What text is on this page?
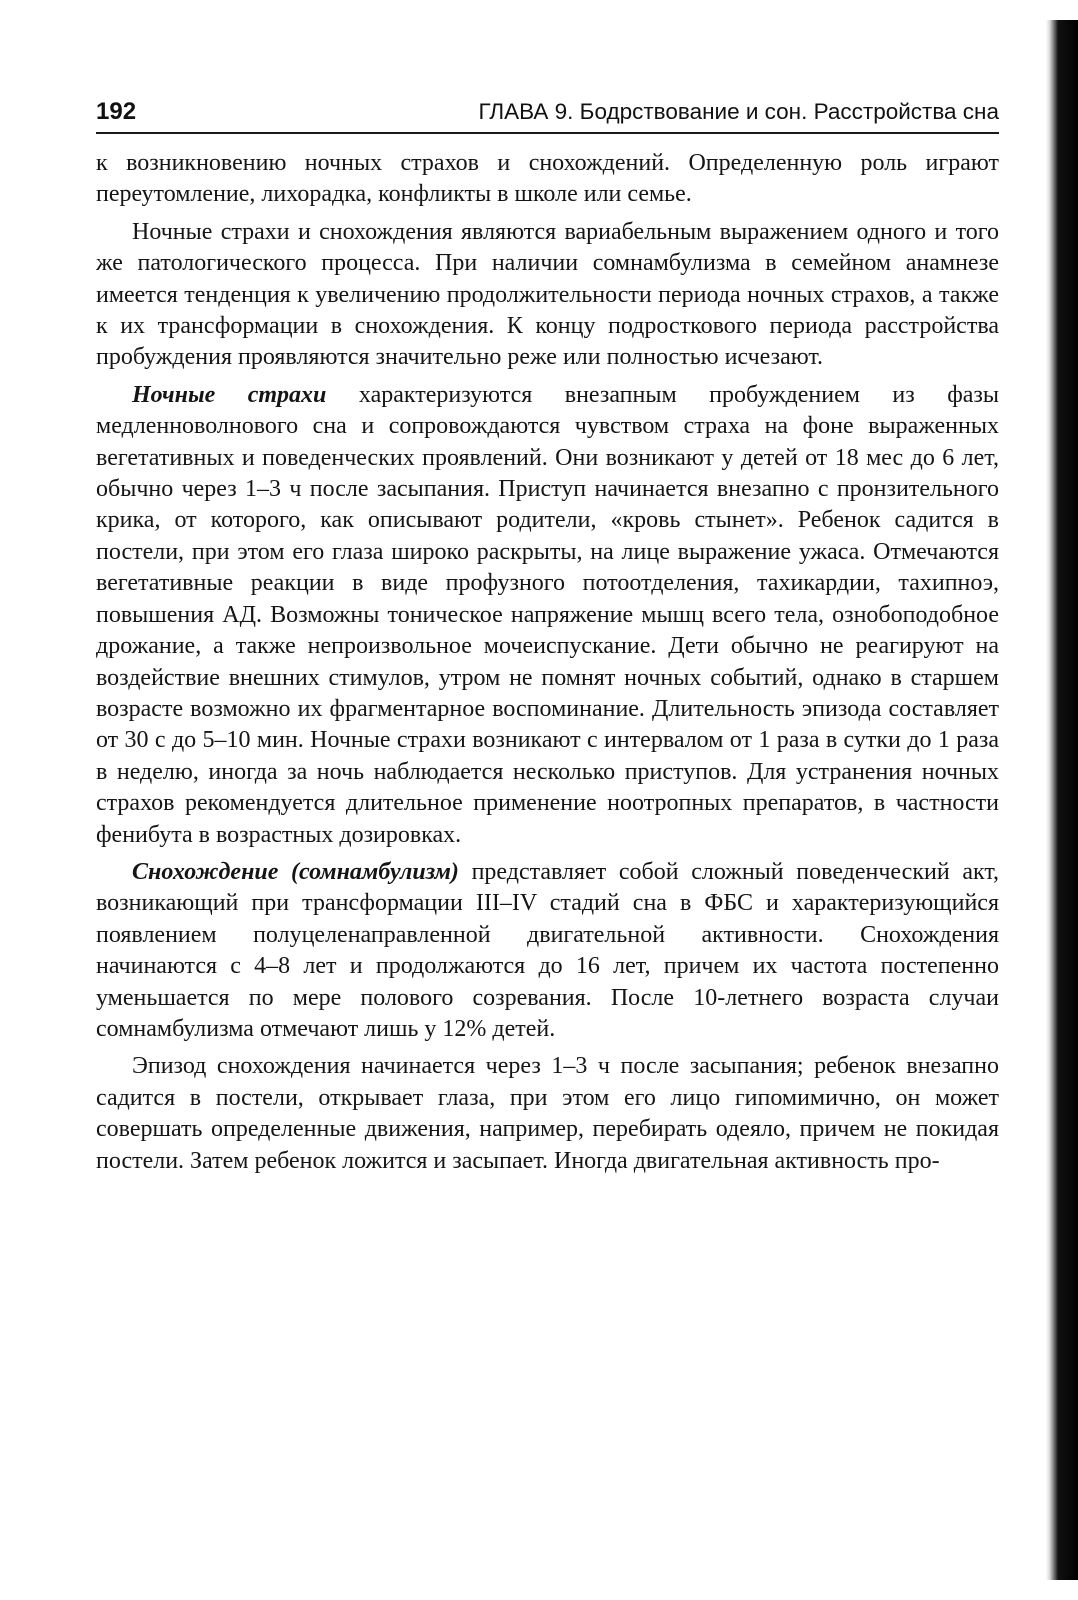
192	ГЛАВА 9. Бодрствование и сон. Расстройства сна

к возникновению ночных страхов и снохождений. Определенную роль играют переутомление, лихорадка, конфликты в школе или семье.

Ночные страхи и снохождения являются вариабельным выражением одного и того же патологического процесса. При наличии сомнамбулизма в семейном анамнезе имеется тенденция к увеличению продолжительности периода ночных страхов, а также к их трансформации в снохождения. К концу подросткового периода расстройства пробуждения проявляются значительно реже или полностью исчезают.

Ночные страхи характеризуются внезапным пробуждением из фазы медленноволнового сна и сопровождаются чувством страха на фоне выраженных вегетативных и поведенческих проявлений. Они возникают у детей от 18 мес до 6 лет, обычно через 1–3 ч после засыпания. Приступ начинается внезапно с пронзительного крика, от которого, как описывают родители, «кровь стынет». Ребенок садится в постели, при этом его глаза широко раскрыты, на лице выражение ужаса. Отмечаются вегетативные реакции в виде профузного потоотделения, тахикардии, тахипноэ, повышения АД. Возможны тоническое напряжение мышц всего тела, ознобоподобное дрожание, а также непроизвольное мочеиспускание. Дети обычно не реагируют на воздействие внешних стимулов, утром не помнят ночных событий, однако в старшем возрасте возможно их фрагментарное воспоминание. Длительность эпизода составляет от 30 с до 5–10 мин. Ночные страхи возникают с интервалом от 1 раза в сутки до 1 раза в неделю, иногда за ночь наблюдается несколько приступов. Для устранения ночных страхов рекомендуется длительное применение ноотропных препаратов, в частности фенибута в возрастных дозировках.

Снохождение (сомнамбулизм) представляет собой сложный поведенческий акт, возникающий при трансформации III–IV стадий сна в ФБС и характеризующийся появлением полуцеленаправленной двигательной активности. Снохождения начинаются с 4–8 лет и продолжаются до 16 лет, причем их частота постепенно уменьшается по мере полового созревания. После 10-летнего возраста случаи сомнамбулизма отмечают лишь у 12% детей.

Эпизод снохождения начинается через 1–3 ч после засыпания; ребенок внезапно садится в постели, открывает глаза, при этом его лицо гипомимично, он может совершать определенные движения, например, перебирать одеяло, причем не покидая постели. Затем ребенок ложится и засыпает. Иногда двигательная активность про-
